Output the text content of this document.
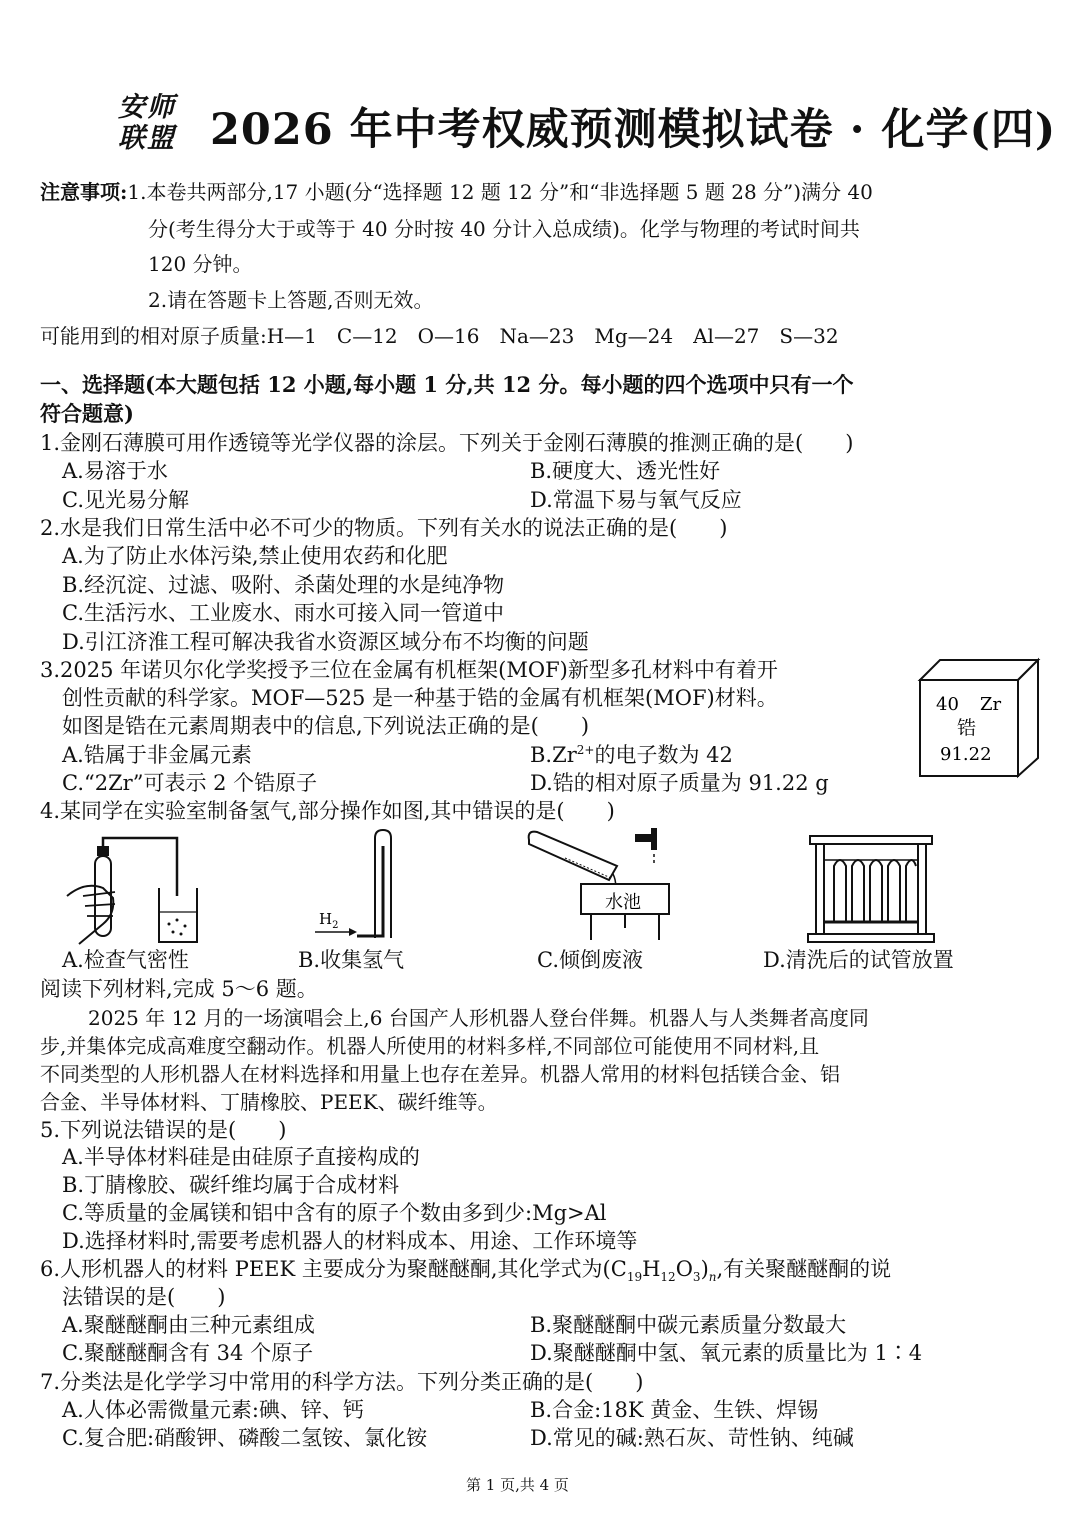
安师
联盟 2026 年中考权威预测模拟试卷 · 化学(四)
注意事项:1.本卷共两部分,17 小题(分“选择题 12 题 12 分”和“非选择题 5 题 28 分”)满分 40
分(考生得分大于或等于 40 分时按 40 分计入总成绩)。化学与物理的考试时间共
120 分钟。
2.请在答题卡上答题,否则无效。
可能用到的相对原子质量:H—1　C—12　O—16　Na—23　Mg—24　Al—27　S—32
一、选择题(本大题包括 12 小题,每小题 1 分,共 12 分。每小题的四个选项中只有一个
符合题意)
1.金刚石薄膜可用作透镜等光学仪器的涂层。下列关于金刚石薄膜的推测正确的是(　　)
A.易溶于水	B.硬度大、透光性好
C.见光易分解	D.常温下易与氧气反应
2.水是我们日常生活中必不可少的物质。下列有关水的说法正确的是(　　)
A.为了防止水体污染,禁止使用农药和化肥
B.经沉淀、过滤、吸附、杀菌处理的水是纯净物
C.生活污水、工业废水、雨水可接入同一管道中
D.引江济淮工程可解决我省水资源区域分布不均衡的问题
3.2025 年诺贝尔化学奖授予三位在金属有机框架(MOF)新型多孔材料中有着开
创性贡献的科学家。MOF—525 是一种基于锆的金属有机框架(MOF)材料。
如图是锆在元素周期表中的信息,下列说法正确的是(　　)
A.锆属于非金属元素	$B.Zr^{2+}$的电子数为 42
C.“2Zr”可表示 2 个锆原子	D.锆的相对原子质量为 91.22 g
40 Zr
锆
91.22
4.某同学在实验室制备氢气,部分操作如图,其中错误的是(　　)
$H_2$
水池
A.检查气密性	B.收集氢气	C.倾倒废液	D.清洗后的试管放置
阅读下列材料,完成 5～6 题。
2025 年 12 月的一场演唱会上,6 台国产人形机器人登台伴舞。机器人与人类舞者高度同
步,并集体完成高难度空翻动作。机器人所使用的材料多样,不同部位可能使用不同材料,且
不同类型的人形机器人在材料选择和用量上也存在差异。机器人常用的材料包括镁合金、铝
合金、半导体材料、丁腈橡胶、PEEK、碳纤维等。
5.下列说法错误的是(　　)
A.半导体材料硅是由硅原子直接构成的
B.丁腈橡胶、碳纤维均属于合成材料
C.等质量的金属镁和铝中含有的原子个数由多到少:Mg>Al
D.选择材料时,需要考虑机器人的材料成本、用途、工作环境等
6.人形机器人的材料 PEEK 主要成分为聚醚醚酮,其化学式为$(C_{19}H_{12}O_3)_n$,有关聚醚醚酮的说
法错误的是(　　)
A.聚醚醚酮由三种元素组成	B.聚醚醚酮中碳元素质量分数最大
C.聚醚醚酮含有 34 个原子	D.聚醚醚酮中氢、氧元素的质量比为 1∶4
7.分类法是化学学习中常用的科学方法。下列分类正确的是(　　)
A.人体必需微量元素:碘、锌、钙	B.合金:18K 黄金、生铁、焊锡
C.复合肥:硝酸钾、磷酸二氢铵、氯化铵	D.常见的碱:熟石灰、苛性钠、纯碱
第 1 页,共 4 页
